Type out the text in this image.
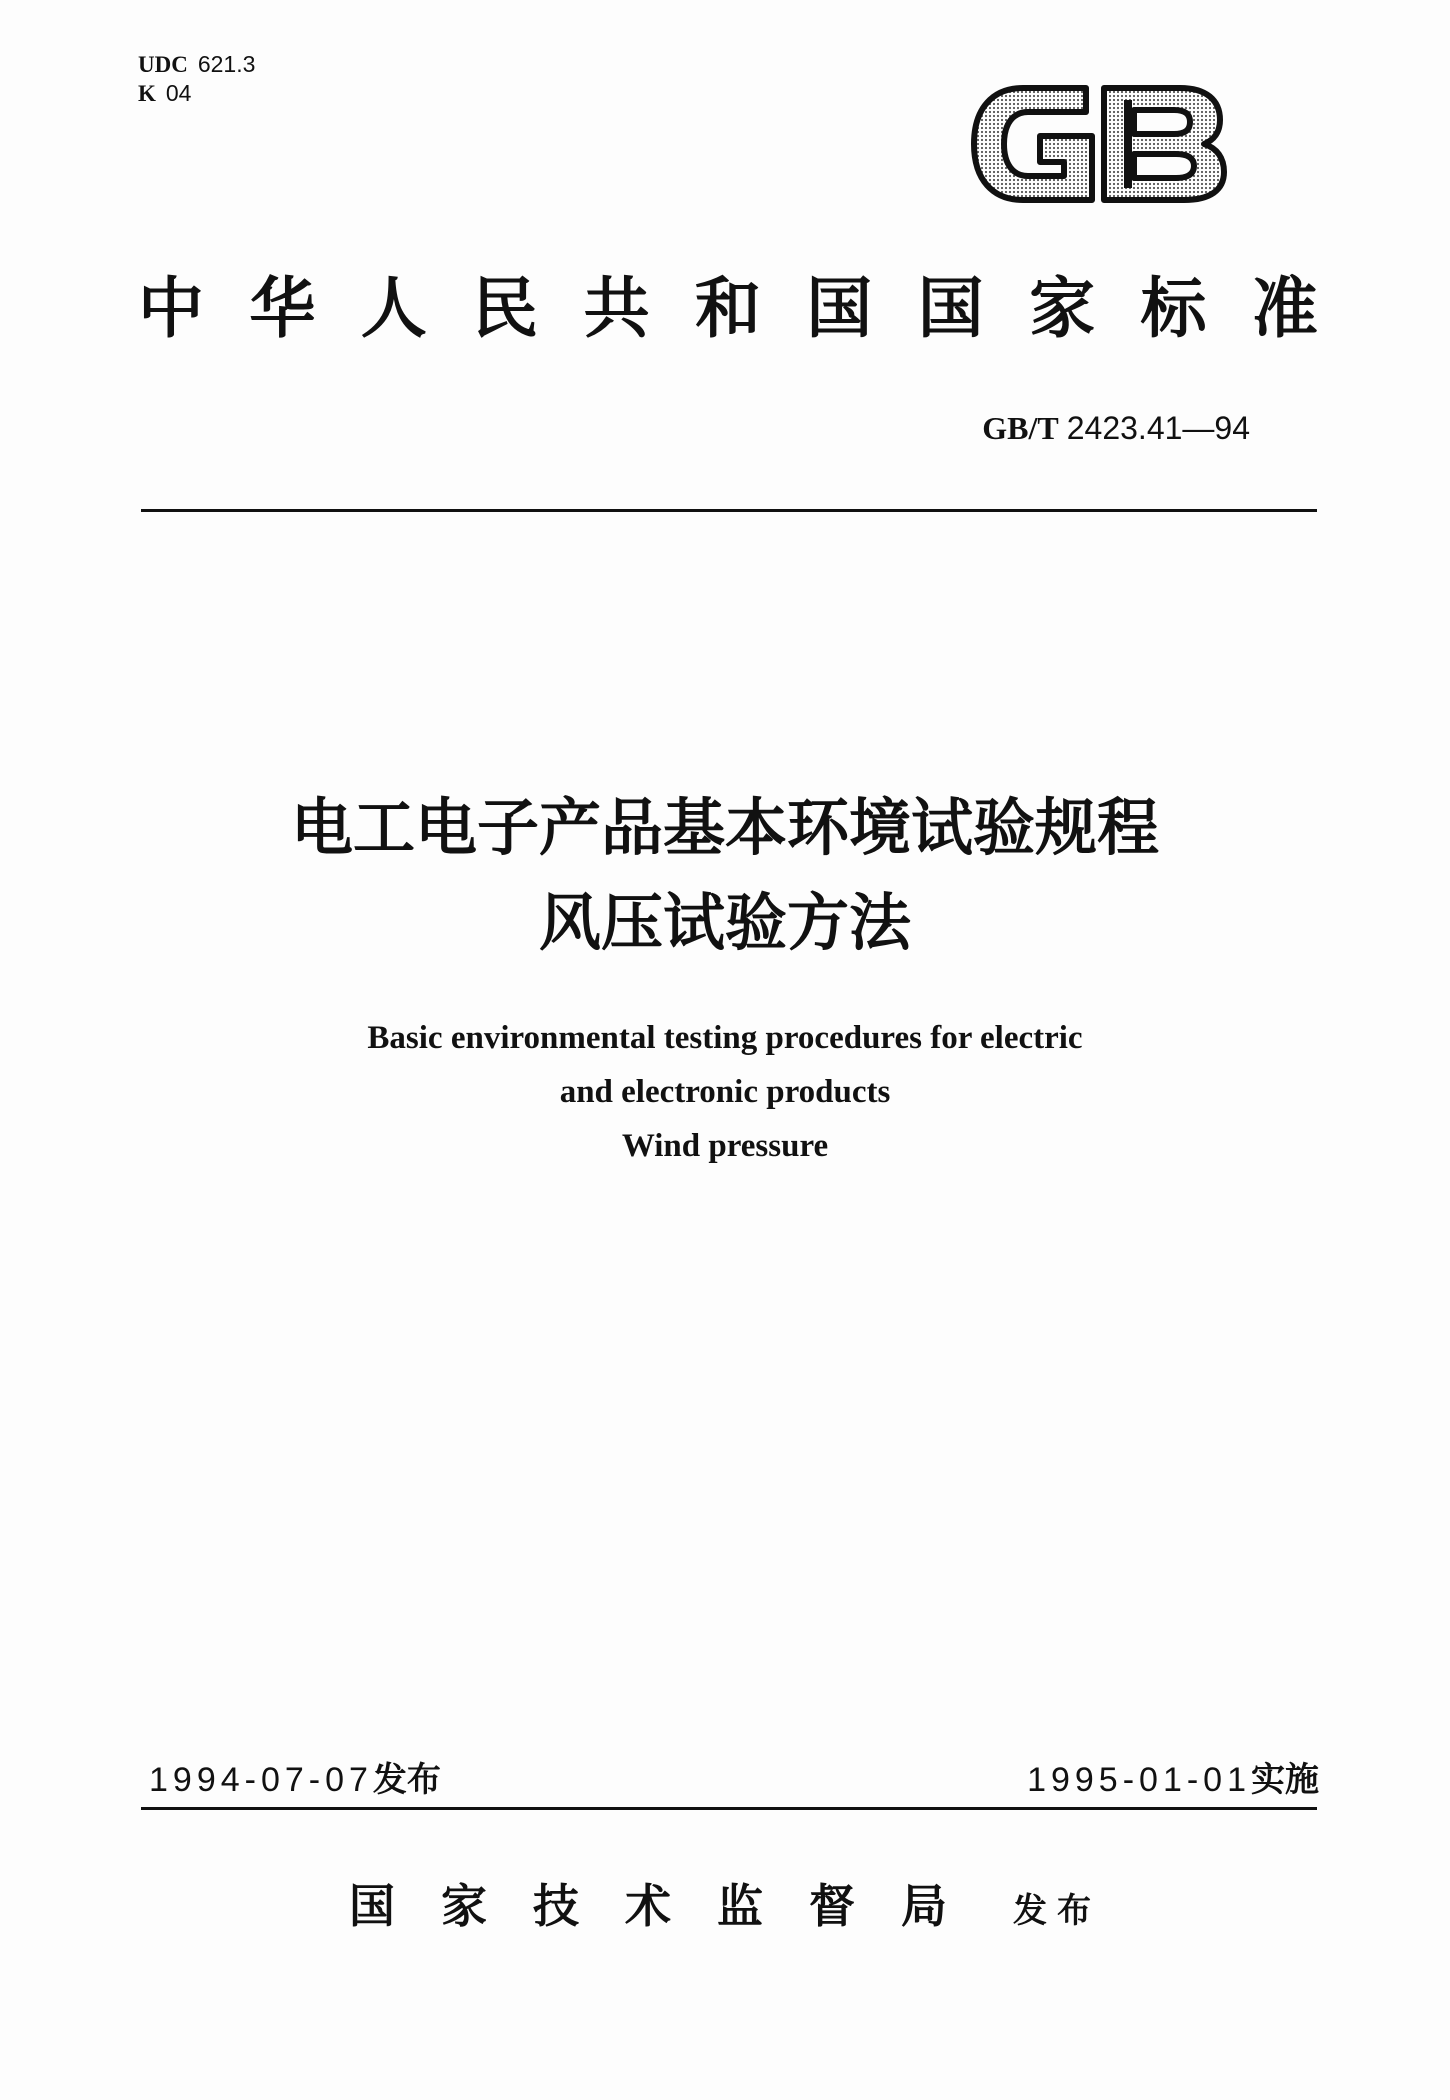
UDC 621.3
K 04
中 华 人 民 共 和 国 国 家 标 准
GB/T 2423.41—94
电工电子产品基本环境试验规程
风压试验方法
Basic environmental testing procedures for electric
and electronic products
Wind pressure
1994-07-07发布	1995-01-01实施
国家技术监督局 发布
